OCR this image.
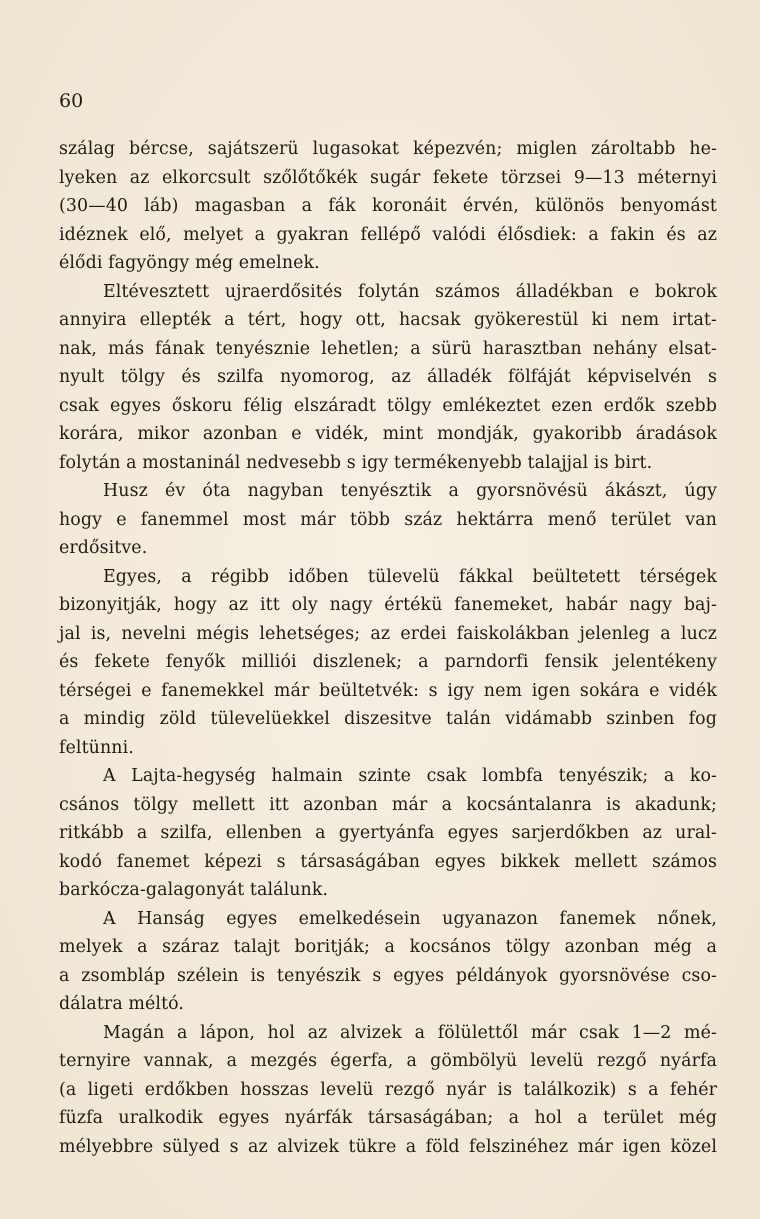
60
szálag bércse, sajátszerü lugasokat képezvén; miglen zároltabb he-
lyeken az elkorcsult szőlőtőkék sugár fekete törzsei 9—13 méternyi
(30—40 láb) magasban a fák koronáit érvén, különös benyomást
idéznek elő, melyet a gyakran fellépő valódi élősdiek: a fakin és az
élődi fagyöngy még emelnek.
Eltévesztett ujraerdősités folytán számos álladékban e bokrok
annyira ellepték a tért, hogy ott, hacsak gyökerestül ki nem irtat-
nak, más fának tenyésznie lehetlen; a sürü harasztban nehány elsat-
nyult tölgy és szilfa nyomorog, az álladék fölfáját képviselvén s
csak egyes őskoru félig elszáradt tölgy emlékeztet ezen erdők szebb
korára, mikor azonban e vidék, mint mondják, gyakoribb áradások
folytán a mostaninál nedvesebb s igy termékenyebb talajjal is birt.
Husz év óta nagyban tenyésztik a gyorsnövésü ákászt, úgy
hogy e fanemmel most már több száz hektárra menő terület van
erdősitve.
Egyes, a régibb időben tülevelü fákkal beültetett térségek
bizonyitják, hogy az itt oly nagy értékü fanemeket, habár nagy baj-
jal is, nevelni mégis lehetséges; az erdei faiskolákban jelenleg a lucz
és fekete fenyők milliói diszlenek; a parndorfi fensik jelentékeny
térségei e fanemekkel már beültetvék: s igy nem igen sokára e vidék
a mindig zöld tülevelüekkel diszesitve talán vidámabb szinben fog
feltünni.
A Lajta-hegység halmain szinte csak lombfa tenyészik; a ko-
csános tölgy mellett itt azonban már a kocsántalanra is akadunk;
ritkább a szilfa, ellenben a gyertyánfa egyes sarjerdőkben az ural-
kodó fanemet képezi s társaságában egyes bikkek mellett számos
barkócza-galagonyát találunk.
A Hanság egyes emelkedésein ugyanazon fanemek nőnek,
melyek a száraz talajt boritják; a kocsános tölgy azonban még a
a zsombláp szélein is tenyészik s egyes példányok gyorsnövése cso-
dálatra méltó.
Magán a lápon, hol az alvizek a fölülettől már csak 1—2 mé-
ternyire vannak, a mezgés égerfa, a gömbölyü levelü rezgő nyárfa
(a ligeti erdőkben hosszas levelü rezgő nyár is találkozik) s a fehér
füzfa uralkodik egyes nyárfák társaságában; a hol a terület még
mélyebbre sülyed s az alvizek tükre a föld felszinéhez már igen közel
